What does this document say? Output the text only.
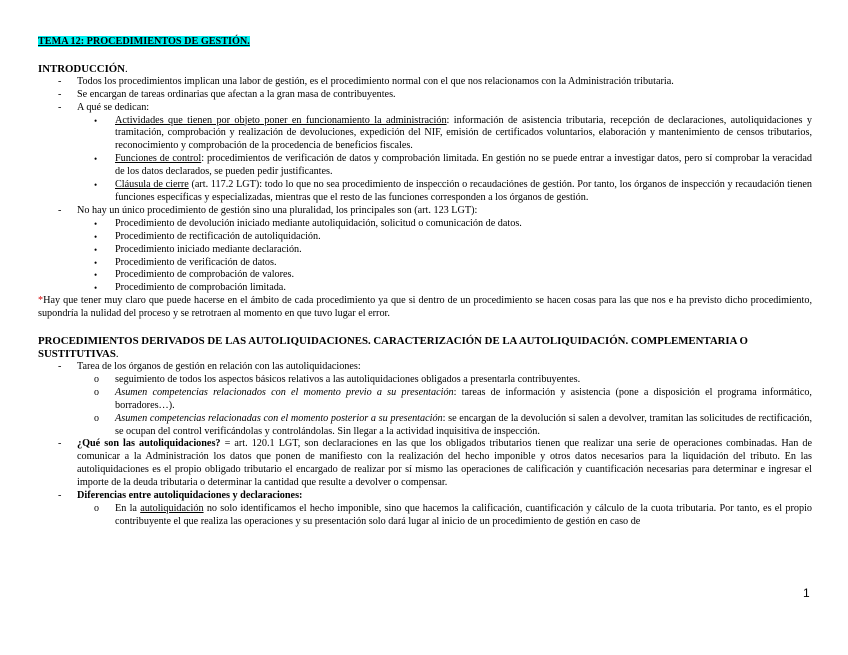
TEMA 12: PROCEDIMIENTOS DE GESTIÓN.

INTRODUCCIÓN.

- Todos los procedimientos implican una labor de gestión, es el procedimiento normal con el que nos relacionamos con la Administración tributaria.
- Se encargan de tareas ordinarias que afectan a la gran masa de contribuyentes.
- A qué se dedican:
• Actividades que tienen por objeto poner en funcionamiento la administración: información de asistencia tributaria, recepción de declaraciones, autoliquidaciones y tramitación, comprobación y realización de devoluciones, expedición del NIF, emisión de certificados voluntarios, elaboración y mantenimiento de censos tributarios, reconocimiento y comprobación de la procedencia de beneficios fiscales.
• Funciones de control: procedimientos de verificación de datos y comprobación limitada. En gestión no se puede entrar a investigar datos, pero sí comprobar la veracidad de los datos declarados, se pueden pedir justificantes.
• Cláusula de cierre (art. 117.2 LGT): todo lo que no sea procedimiento de inspección o recaudaciónes de gestión. Por tanto, los órganos de inspección y recaudación tienen funciones específicas y especializadas, mientras que el resto de las funciones corresponden a los órganos de gestión.
- No hay un único procedimiento de gestión sino una pluralidad, los principales son (art. 123 LGT):
• Procedimiento de devolución iniciado mediante autoliquidación, solicitud o comunicación de datos.
• Procedimiento de rectificación de autoliquidación.
• Procedimiento iniciado mediante declaración.
• Procedimiento de verificación de datos.
• Procedimiento de comprobación de valores.
• Procedimiento de comprobación limitada.
*Hay que tener muy claro que puede hacerse en el ámbito de cada procedimiento ya que si dentro de un procedimiento se hacen cosas para las que nos e ha previsto dicho procedimiento, supondría la nulidad del proceso y se retrotraen al momento en que tuvo lugar el error.

PROCEDIMIENTOS DERIVADOS DE LAS AUTOLIQUIDACIONES. CARACTERIZACIÓN DE LA AUTOLIQUIDACIÓN. COMPLEMENTARIA O SUSTITUTIVAS.

- Tarea de los órganos de gestión en relación con las autoliquidaciones:
o seguimiento de todos los aspectos básicos relativos a las autoliquidaciones obligados a presentarla contribuyentes.
o Asumen competencias relacionados con el momento previo a su presentación: tareas de información y asistencia (pone a disposición el programa informático, borradores…).
o Asumen competencias relacionadas con el momento posterior a su presentación: se encargan de la devolución si salen a devolver, tramitan las solicitudes de rectificación, se ocupan del control verificándolas y controlándolas. Sin llegar a la actividad inquisitiva de inspección.
- ¿Qué son las autoliquidaciones? = art. 120.1 LGT, son declaraciones en las que los obligados tributarios tienen que realizar una serie de operaciones combinadas. Han de comunicar a la Administración los datos que ponen de manifiesto con la realización del hecho imponible y otros datos necesarios para la liquidación del tributo. En las autoliquidaciones es el propio obligado tributario el encargado de realizar por sí mismo las operaciones de calificación y cuantificación necesarias para determinar e ingresar el importe de la deuda tributaria o determinar la cantidad que resulte a devolver o compensar.
- Diferencias entre autoliquidaciones y declaraciones:
o En la autoliquidación no solo identificamos el hecho imponible, sino que hacemos la calificación, cuantificación y cálculo de la cuota tributaria. Por tanto, es el propio contribuyente el que realiza las operaciones y su presentación solo dará lugar al inicio de un procedimiento de gestión en caso de
1
